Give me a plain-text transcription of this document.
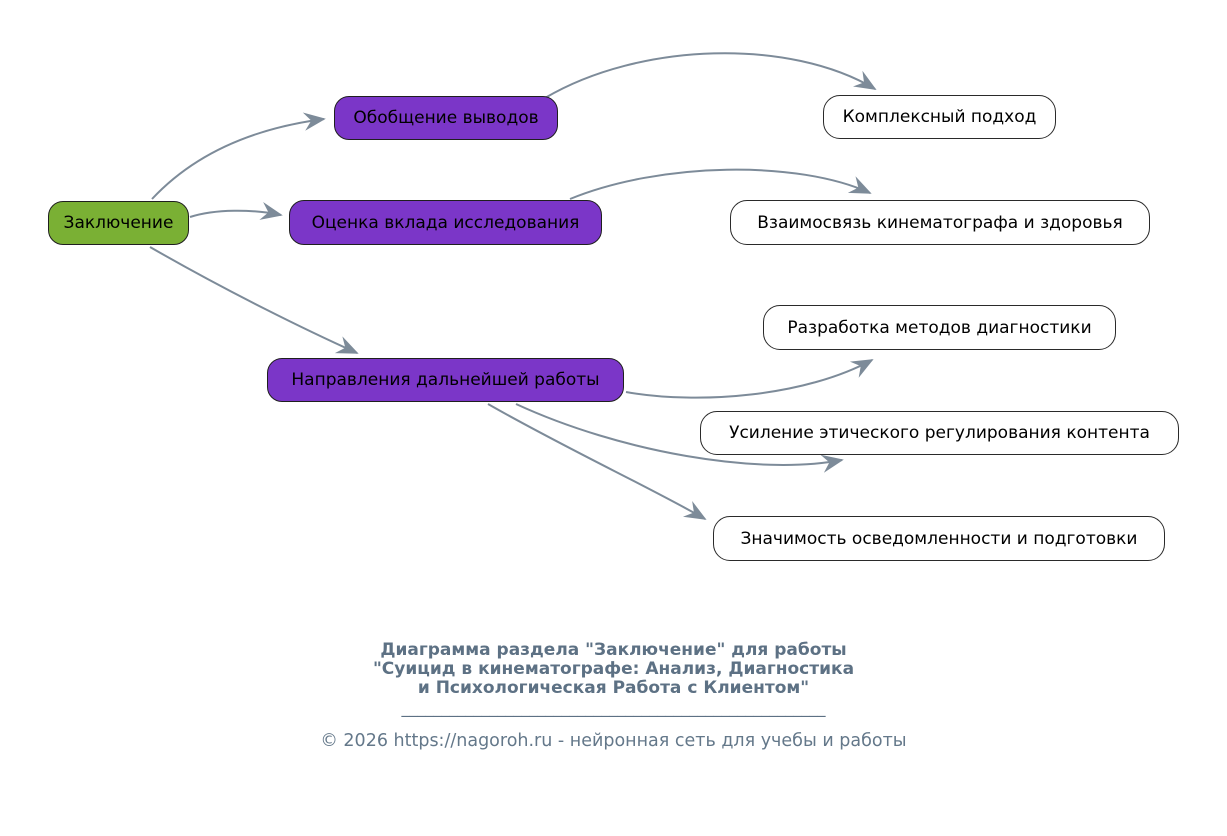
Заключение
Обобщение выводов
Оценка вклада исследования
Направления дальнейшей работы
Комплексный подход
Взаимосвязь кинематографа и здоровья
Разработка методов диагностики
Усиление этического регулирования контента
Значимость осведомленности и подготовки
Диаграмма раздела "Заключение" для работы
"Суицид в кинематографе: Анализ, Диагностика
и Психологическая Работа с Клиентом"
_____________________________________________________
© 2026 https://nagoroh.ru - нейронная сеть для учебы и работы
